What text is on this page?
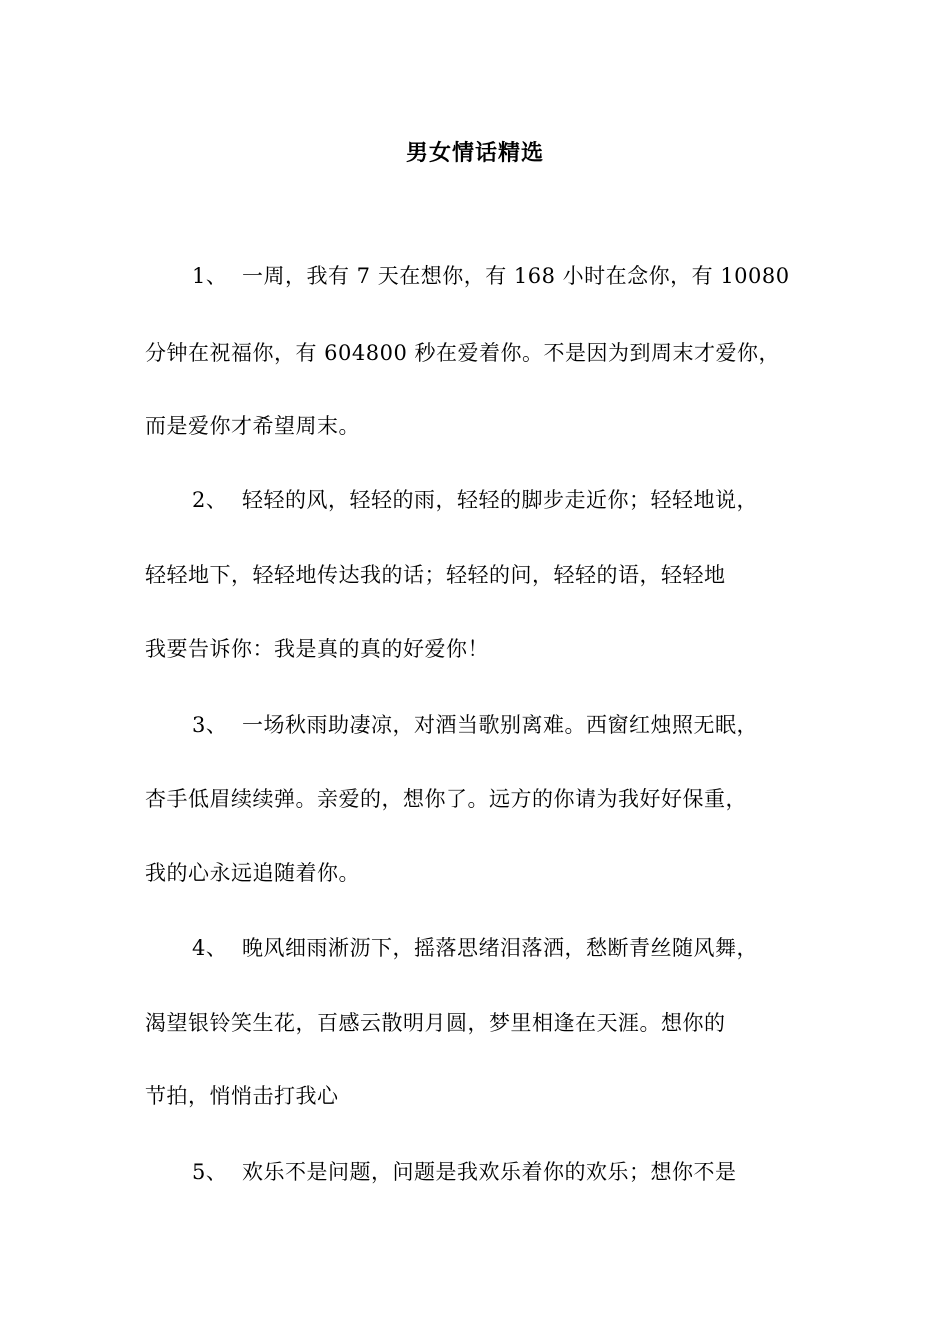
男女情话精选
1、 一周，我有 7 天在想你，有 168 小时在念你，有 10080
分钟在祝福你，有 604800 秒在爱着你。不是因为到周末才爱你，
而是爱你才希望周末。
2、 轻轻的风，轻轻的雨，轻轻的脚步走近你；轻轻地说，
轻轻地下，轻轻地传达我的话；轻轻的问，轻轻的语，轻轻地
我要告诉你：我是真的真的好爱你！
3、 一场秋雨助凄凉，对酒当歌别离难。西窗红烛照无眠，
杏手低眉续续弹。亲爱的，想你了。远方的你请为我好好保重，
我的心永远追随着你。
4、 晚风细雨淅沥下，摇落思绪泪落洒，愁断青丝随风舞，
渴望银铃笑生花，百感云散明月圆，梦里相逢在天涯。想你的
节拍，悄悄击打我心
5、 欢乐不是问题，问题是我欢乐着你的欢乐；想你不是
